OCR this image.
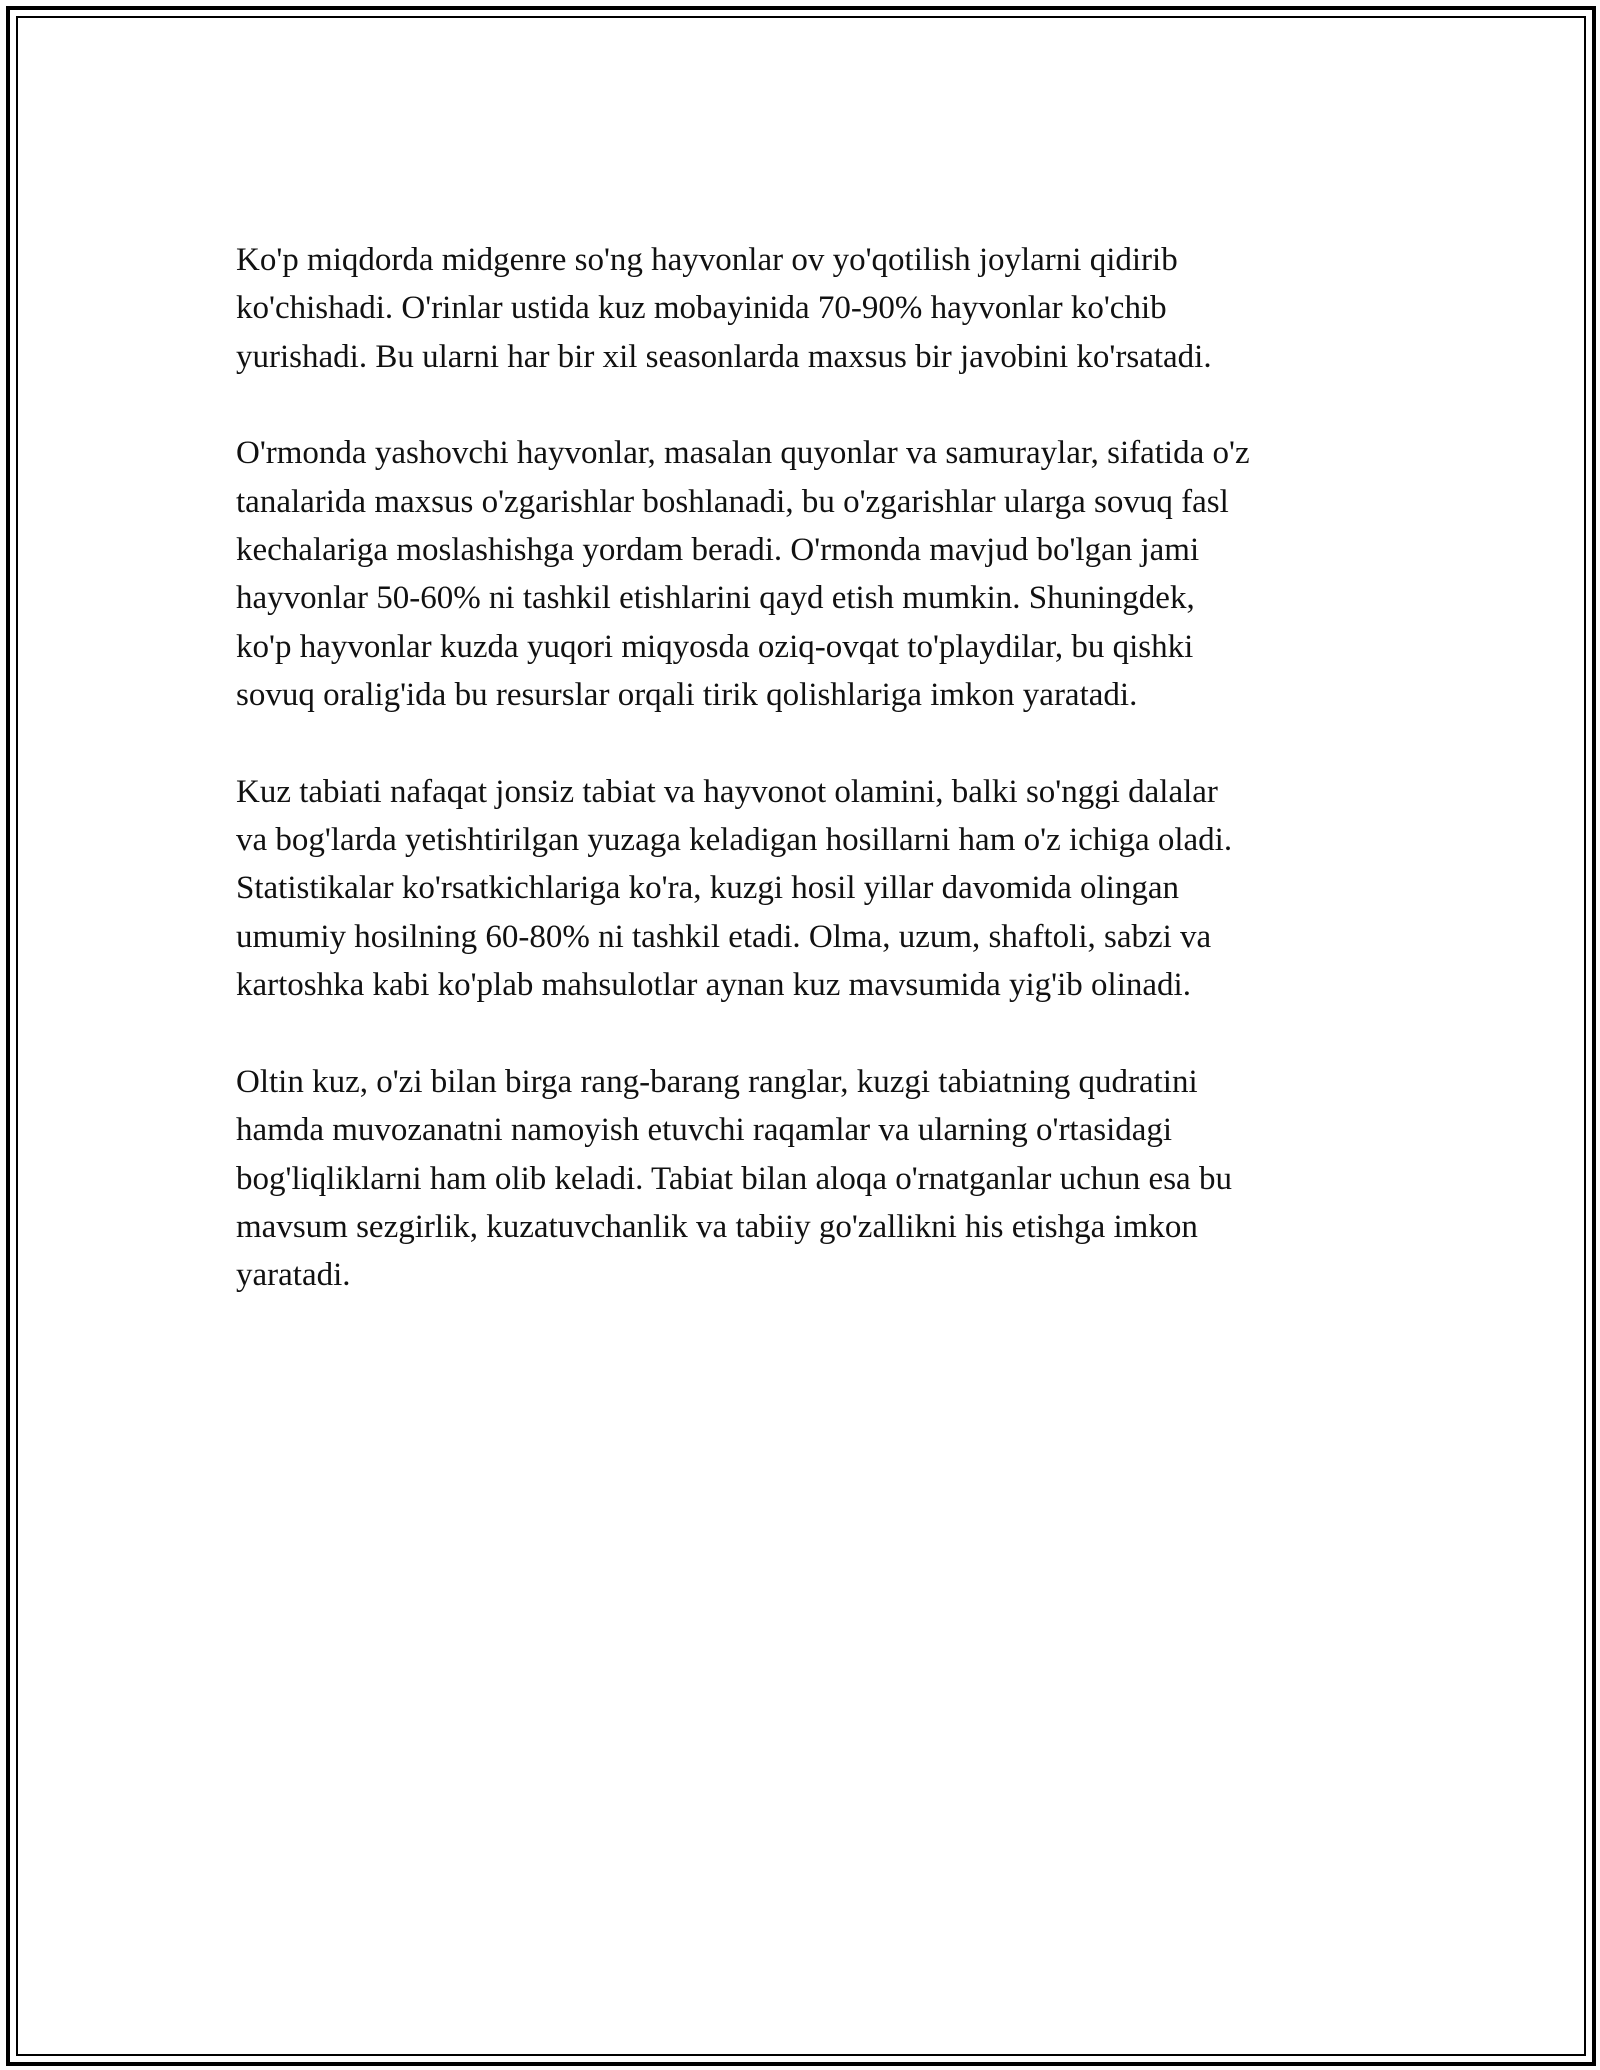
Ko'p miqdorda midgenre so'ng hayvonlar ov yo'qotilish joylarni qidirib
ko'chishadi. O'rinlar ustida kuz mobayinida 70-90% hayvonlar ko'chib
yurishadi. Bu ularni har bir xil seasonlarda maxsus bir javobini ko'rsatadi.

O'rmonda yashovchi hayvonlar, masalan quyonlar va samuraylar, sifatida o'z
tanalarida maxsus o'zgarishlar boshlanadi, bu o'zgarishlar ularga sovuq fasl
kechalariga moslashishga yordam beradi. O'rmonda mavjud bo'lgan jami
hayvonlar 50-60% ni tashkil etishlarini qayd etish mumkin. Shuningdek,
ko'p hayvonlar kuzda yuqori miqyosda oziq-ovqat to'playdilar, bu qishki
sovuq oralig'ida bu resurslar orqali tirik qolishlariga imkon yaratadi.

Kuz tabiati nafaqat jonsiz tabiat va hayvonot olamini, balki so'nggi dalalar
va bog'larda yetishtirilgan yuzaga keladigan hosillarni ham o'z ichiga oladi.
Statistikalar ko'rsatkichlariga ko'ra, kuzgi hosil yillar davomida olingan
umumiy hosilning 60-80% ni tashkil etadi. Olma, uzum, shaftoli, sabzi va
kartoshka kabi ko'plab mahsulotlar aynan kuz mavsumida yig'ib olinadi.

Oltin kuz, o'zi bilan birga rang-barang ranglar, kuzgi tabiatning qudratini
hamda muvozanatni namoyish etuvchi raqamlar va ularning o'rtasidagi
bog'liqliklarni ham olib keladi. Tabiat bilan aloqa o'rnatganlar uchun esa bu
mavsum sezgirlik, kuzatuvchanlik va tabiiy go'zallikni his etishga imkon
yaratadi.
